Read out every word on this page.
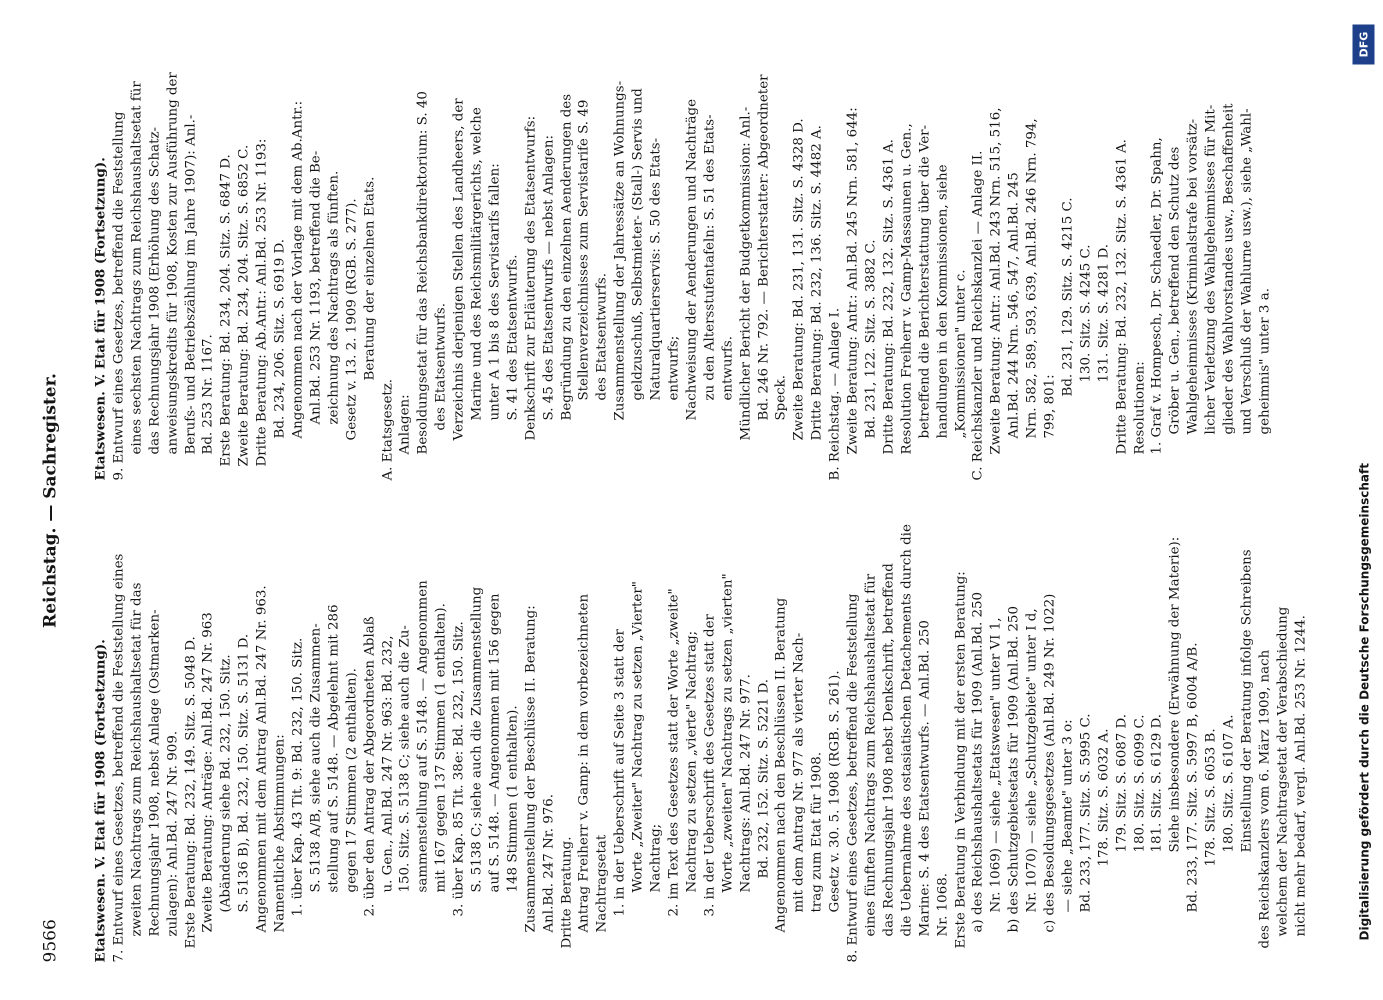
9566
Reichstag. — Sachregister.

Etatswesen. V. Etat für 1908 (Fortsetzung). 7. Entwurf eines Gesetzes, betreffend die Feststellung eines zweiten Nachtrags zum Reichshaushaltsetat für das Rechnungsjahr 1908, nebst Anlage (Ostmarken- zulagen): Anl.Bd. 247 Nr. 909. Erste Beratung: Bd. 232, 149. Sitz. S. 5048 D. Zweite Beratung: Anträge: Anl.Bd. 247 Nr. 963 (Abänderung siehe Bd. 232, 150. Sitz. S. 5136 B), Bd. 232, 150. Sitz. S. 5131 D. Angenommen mit dem Antrag Anl.Bd. 247 Nr. 963. Namentliche Abstimmungen: 1. über Kap. 43 Tit. 9: Bd. 232, 150. Sitz. S. 5138 A/B, siehe auch die Zusammen- stellung auf S. 5148. — Abgelehnt mit 286 gegen 17 Stimmen (2 enthalten). 2. über den Antrag der Abgeordneten Ablaß u. Gen., Anl.Bd. 247 Nr. 963: Bd. 232, 150. Sitz. S. 5138 C; siehe auch die Zu- sammenstellung auf S. 5148. — Angenommen mit 167 gegen 137 Stimmen (1 enthalten). 3. über Kap. 85 Tit. 38e: Bd. 232, 150. Sitz. S. 5138 C; siehe auch die Zusammenstellung auf S. 5148. — Angenommen mit 156 gegen 148 Stimmen (1 enthalten). Zusammenstellung der Beschlüsse II. Beratung: Anl.Bd. 247 Nr. 976. Dritte Beratung. Antrag Freiherr v. Gamp: in dem vorbezeichneten Nachtragsetat 1. in der Ueberschrift auf Seite 3 statt der Worte „Zweiter" Nachtrag zu setzen „Vierter" Nachtrag; 2. im Text des Gesetzes statt der Worte „zweite" Nachtrag zu setzen „vierte" Nachtrag; 3. in der Ueberschrift des Gesetzes statt der Worte „zweiten" Nachtrags zu setzen „vierten" Nachtrags: Anl.Bd. 247 Nr. 977. Bd. 232, 152. Sitz. S. 5221 D. Angenommen nach den Beschlüssen II. Beratung mit dem Antrag Nr. 977 als vierter Nach- trag zum Etat für 1908. Gesetz v. 30. 5. 1908 (RGB. S. 261). 8. Entwurf eines Gesetzes, betreffend die Feststellung eines fünften Nachtrags zum Reichshaushaltsetat für das Rechnungsjahr 1908 nebst Denkschrift, betreffend die Uebernahme des ostasiatischen Detachements durch die Marine: S. 4 des Etatsentwurfs. — Anl.Bd. 250 Nr. 1068. Erste Beratung in Verbindung mit der ersten Beratung: a) des Reichshaushaltsetats für 1909 (Anl.Bd. 250 Nr. 1069) — siehe „Etatswesen" unter VI 1, b) des Schutzgebietsetats für 1909 (Anl.Bd. 250 Nr. 1070) — siehe „Schutzgebiete" unter I d, c) des Besoldungsgesetzes (Anl.Bd. 249 Nr. 1022) — siehe „Beamte" unter 3 o: Bd. 233, 177. Sitz. S. 5995 C. 178. Sitz. S. 6032 A. 179. Sitz. S. 6087 D. 180. Sitz. S. 6099 C. 181. Sitz. S. 6129 D. Siehe insbesondere (Erwähnung der Materie): Bd. 233, 177. Sitz. S. 5997 B, 6004 A/B. 178. Sitz. S. 6053 B. 180. Sitz. S. 6107 A. Einstellung der Beratung infolge Schreibens des Reichskanzlers vom 6. März 1909, nach welchem der Nachtragsetat der Verabschiedung nicht mehr bedarf, vergl. Anl.Bd. 253 Nr. 1244.

Etatswesen. V. Etat für 1908 (Fortsetzung). 9. Entwurf eines Gesetzes, betreffend die Feststellung eines sechsten Nachtrags zum Reichshaushaltsetat für das Rechnungsjahr 1908 (Erhöhung des Schatz- anweisungskredits für 1908, Kosten zur Ausführung der Berufs- und Betriebszählung im Jahre 1907): Anl.- Bd. 253 Nr. 1167. Erste Beratung: Bd. 234, 204. Sitz. S. 6847 D. Zweite Beratung: Bd. 234, 204. Sitz. S. 6852 C. Dritte Beratung: Ab.Antr.: Anl.Bd. 253 Nr. 1193: Bd. 234, 206. Sitz. S. 6919 D. Angenommen nach der Vorlage mit dem Ab.Antr.: Anl.Bd. 253 Nr. 1193, betreffend die Be- zeichnung des Nachtrags als fünften. Gesetz v. 13. 2. 1909 (RGB. S. 277). Beratung der einzelnen Etats.

A. Etatsgesetz. Anlagen: Besoldungsetat für das Reichsbankdirektorium: S. 40 des Etatsentwurfs. Verzeichnis derjenigen Stellen des Landheers, der Marine und des Reichsmilitärgerichts, welche unter A 1 bis 8 des Servistarifs fallen: S. 41 des Etatsentwurfs. Denkschrift zur Erläuterung des Etatsentwurfs: S. 45 des Etatsentwurfs — nebst Anlagen: Begründung zu den einzelnen Aenderungen des Stellenverzeichnisses zum Servistarife S. 49 des Etatsentwurfs. Zusammenstellung der Jahressätze an Wohnungs- geldzuschuß, Selbstmieter- (Stall-) Servis und Naturalquartierservis: S. 50 des Etats- entwurfs; Nachweisung der Aenderungen und Nachträge zu den Altersstufentafeln: S. 51 des Etats- entwurfs. Mündlicher Bericht der Budgetkommission: Anl.- Bd. 246 Nr. 792. — Berichterstatter: Abgeordneter Speck. Zweite Beratung: Bd. 231, 131. Sitz. S. 4328 D. Dritte Beratung: Bd. 232, 136. Sitz. S. 4482 A. B. Reichstag. — Anlage I. Zweite Beratung: Antr.: Anl.Bd. 245 Nrn. 581, 644: Bd. 231, 122. Sitz. S. 3882 C. Dritte Beratung: Bd. 232, 132. Sitz. S. 4361 A. Resolution Freiherr v. Gamp-Massaunen u. Gen., betreffend die Berichterstattung über die Ver- handlungen in den Kommissionen, siehe „Kommissionen" unter c. C. Reichskanzler und Reichskanzlei — Anlage II. Zweite Beratung: Antr.: Anl.Bd. 243 Nrn. 515, 516, Anl.Bd. 244 Nrn. 546, 547, Anl.Bd. 245 Nrn. 582, 589, 593, 639, Anl.Bd. 246 Nrn. 794, 799, 801:

Bd. 231, 129. Sitz. S. 4215 C. 130. Sitz. S. 4245 C. 131. Sitz. S. 4281 D. Dritte Beratung: Bd. 232, 132. Sitz. S. 4361 A. Resolutionen: 1. Graf v. Hompesch, Dr. Schaedler, Dr. Spahn, Gröber u. Gen., betreffend den Schutz des Wahlgeheimnisses (Kriminalstrafe bei vorsätz- licher Verletzung des Wahlgeheimnisses für Mit- glieder des Wahlvorstandes usw., Beschaffenheit und Verschluß der Wahlurne usw.), siehe „Wahl- geheimnis" unter 3 a.

Digitalisierung gefördert durch die Deutsche Forschungsgemeinschaft
DFG
